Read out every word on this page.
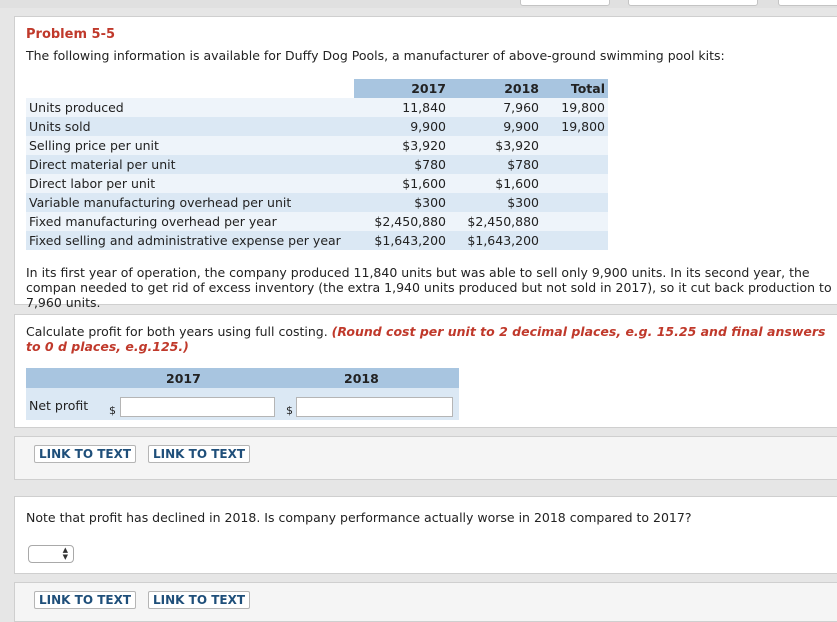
Problem 5-5
The following information is available for Duffy Dog Pools, a manufacturer of above-ground swimming pool kits:
	2017	2018	Total
Units produced	11,840	7,960	19,800
Units sold	9,900	9,900	19,800
Selling price per unit	$3,920	$3,920	
Direct material per unit	$780	$780	
Direct labor per unit	$1,600	$1,600	
Variable manufacturing overhead per unit	$300	$300	
Fixed manufacturing overhead per year	$2,450,880	$2,450,880	
Fixed selling and administrative expense per year	$1,643,200	$1,643,200	
In its first year of operation, the company produced 11,840 units but was able to sell only 9,900 units. In its second year, the compan needed to get rid of excess inventory (the extra 1,940 units produced but not sold in 2017), so it cut back production to 7,960 units.
Calculate profit for both years using full costing. (Round cost per unit to 2 decimal places, e.g. 15.25 and final answers to 0 d places, e.g.125.)
2017	2018
Net profit $	$
LINK TO TEXT	LINK TO TEXT
Note that profit has declined in 2018. Is company performance actually worse in 2018 compared to 2017?
▲
▼
LINK TO TEXT	LINK TO TEXT
